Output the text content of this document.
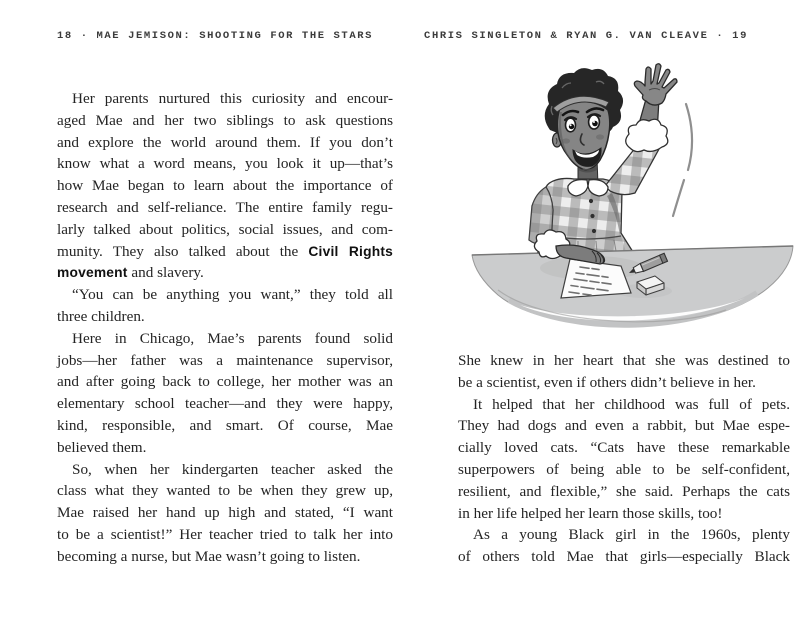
18 · MAE JEMISON: SHOOTING FOR THE STARS	CHRIS SINGLETON & RYAN G. VAN CLEAVE · 19
Her parents nurtured this curiosity and encour-
aged Mae and her two siblings to ask questions
and explore the world around them. If you don’t
know what a word means, you look it up—that’s
how Mae began to learn about the importance of
research and self-reliance. The entire family regu-
larly talked about politics, social issues, and com-
munity. They also talked about the Civil Rights
movement and slavery.
“You can be anything you want,” they told all
three children.
Here in Chicago, Mae’s parents found solid
jobs—her father was a maintenance supervisor,
and after going back to college, her mother was an
elementary school teacher—and they were happy,
kind, responsible, and smart. Of course, Mae
believed them.
So, when her kindergarten teacher asked the
class what they wanted to be when they grew up,
Mae raised her hand up high and stated, “I want
to be a scientist!” Her teacher tried to talk her into
becoming a nurse, but Mae wasn’t going to listen.
She knew in her heart that she was destined to
be a scientist, even if others didn’t believe in her.
It helped that her childhood was full of pets.
They had dogs and even a rabbit, but Mae espe-
cially loved cats. “Cats have these remarkable
superpowers of being able to be self-confident,
resilient, and flexible,” she said. Perhaps the cats
in her life helped her learn those skills, too!
As a young Black girl in the 1960s, plenty
of others told Mae that girls—especially Black
